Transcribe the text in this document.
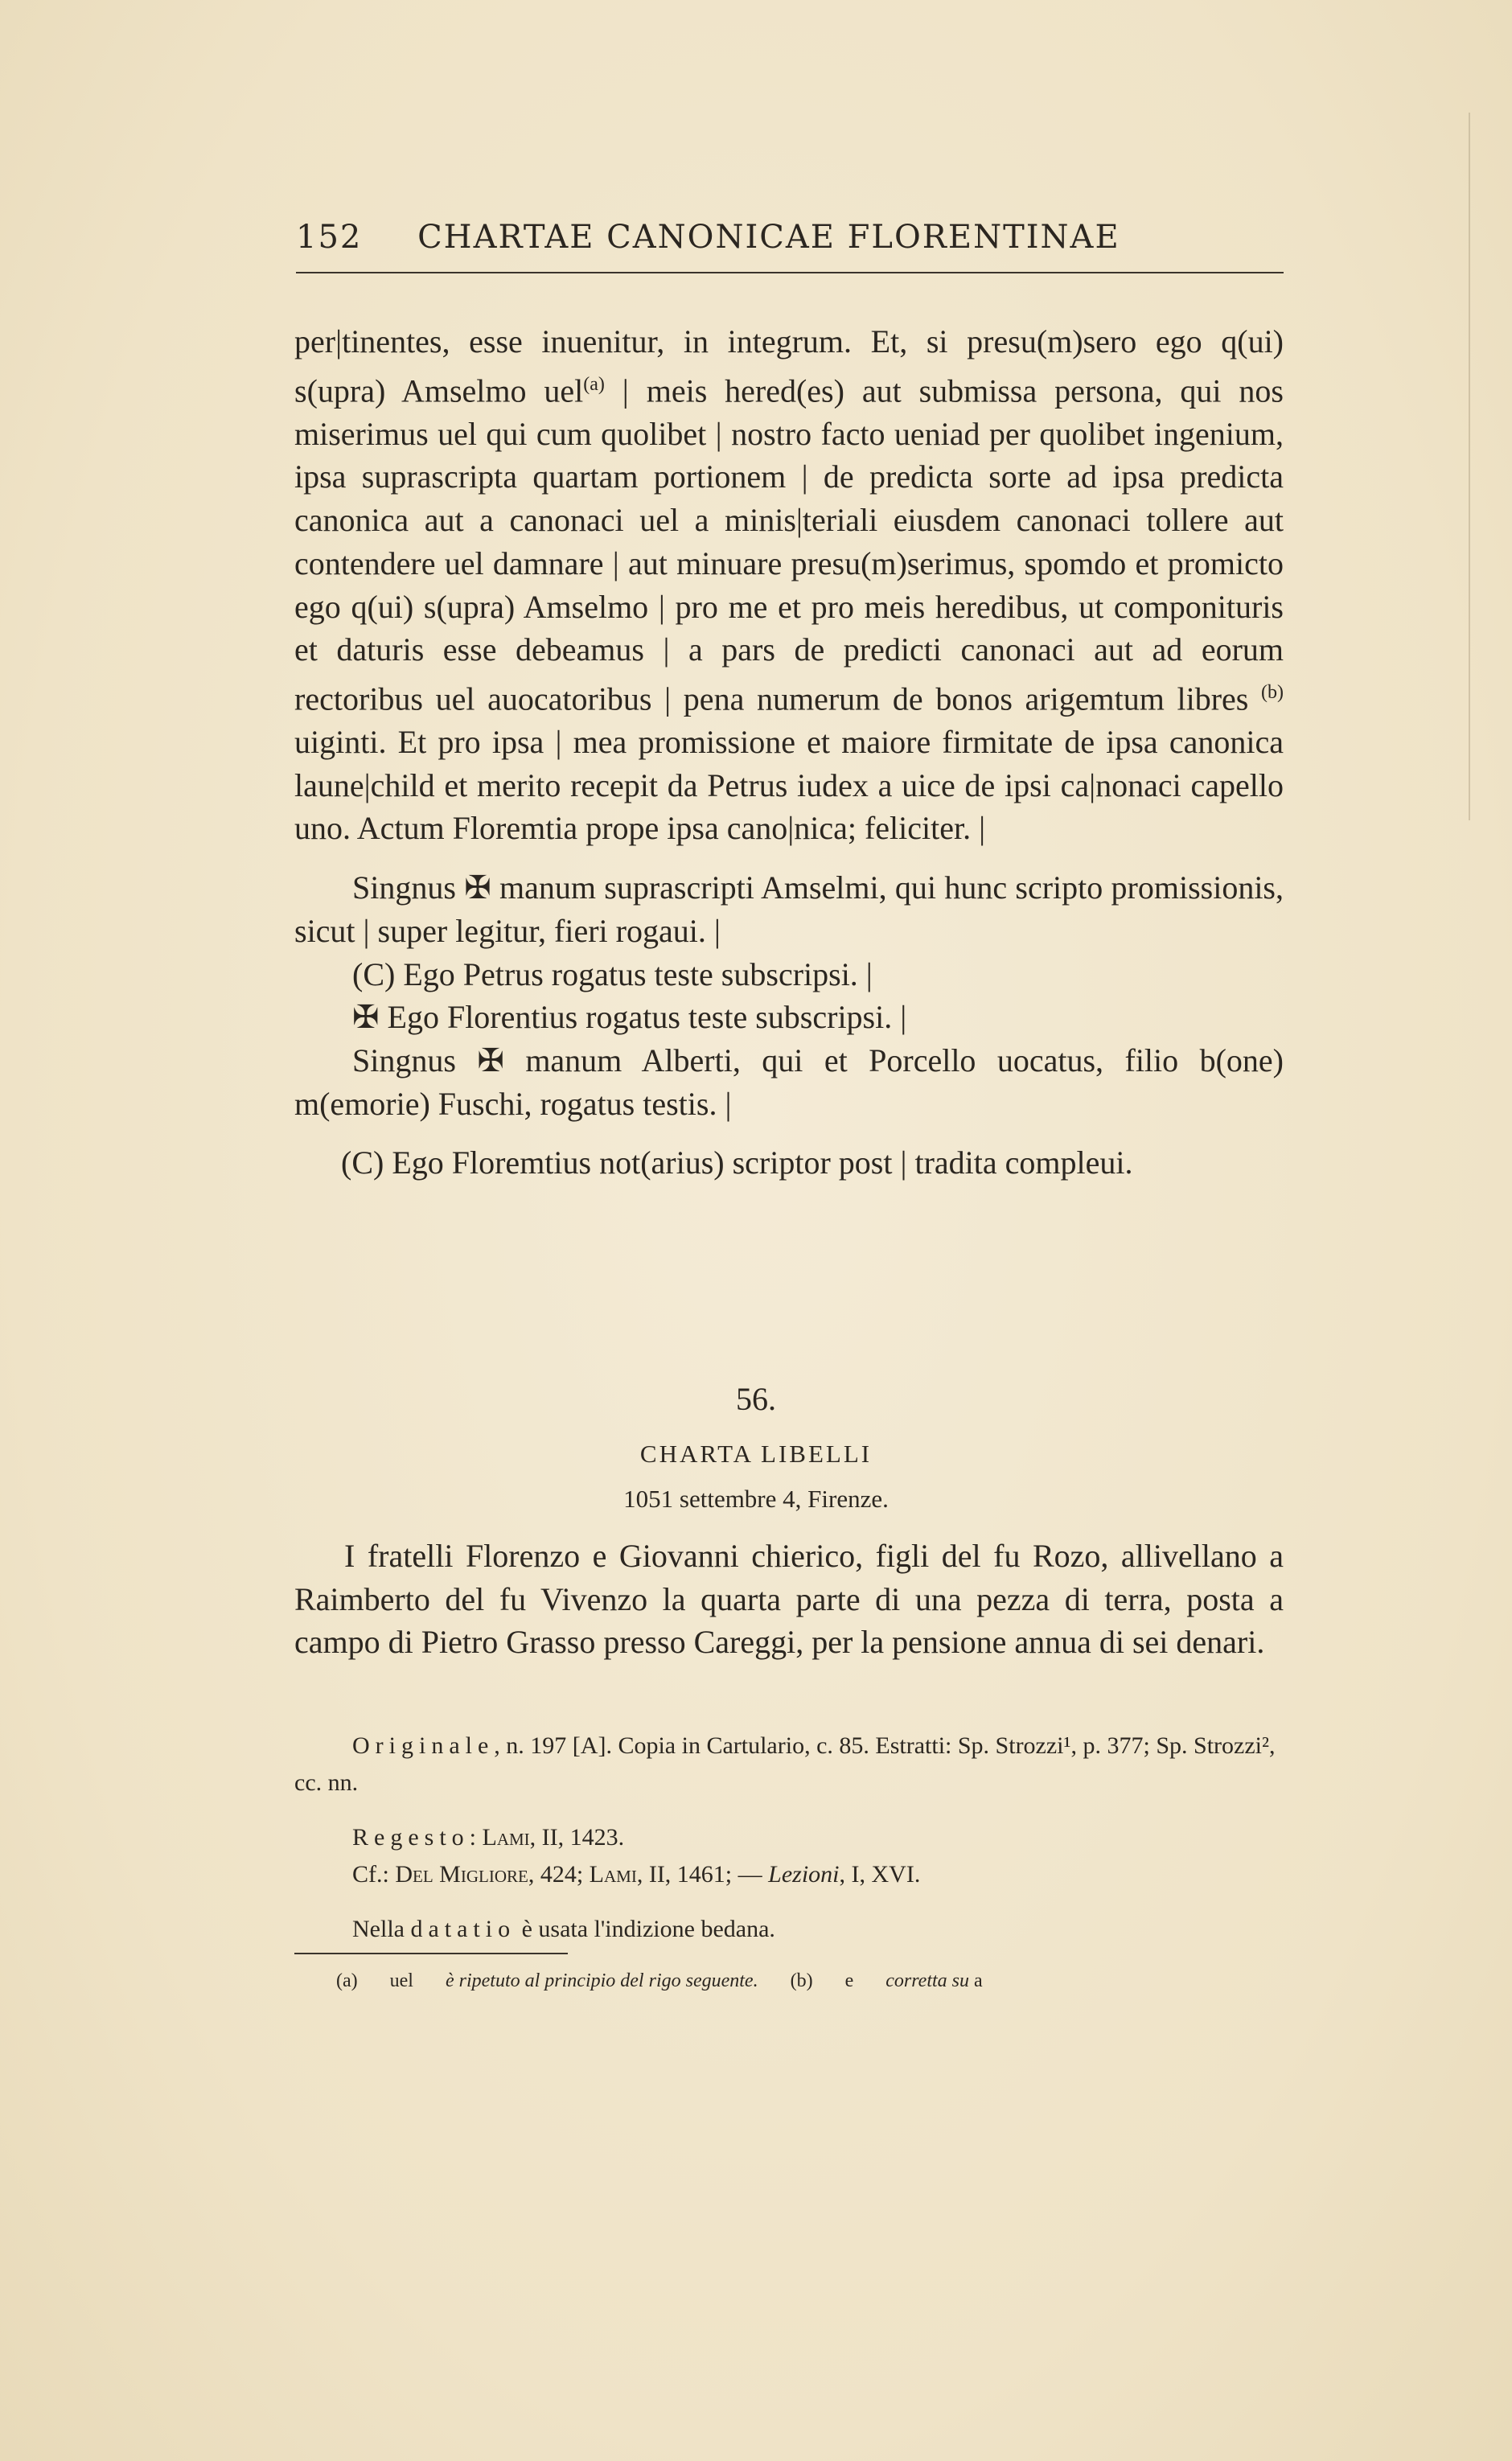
152 CHARTAE CANONICAE FLORENTINAE

per|tinentes, esse inuenitur, in integrum. Et, si presu(m)sero ego q(ui) s(upra) Amselmo uel$^{(a)}$ | meis hered(es) aut submissa persona, qui nos miserimus uel qui cum quolibet | nostro facto ueniad per quolibet ingenium, ipsa suprascripta quartam portionem | de predicta sorte ad ipsa predicta canonica aut a canonaci uel a minis|teriali eiusdem canonaci tollere aut contendere uel damnare | aut minuare presu(m)serimus, spomdo et promicto ego q(ui) s(upra) Amselmo | pro me et pro meis heredibus, ut componituris et daturis esse debeamus | a pars de predicti canonaci aut ad eorum rectoribus uel auocatoribus | pena numerum de bonos arigemtum libres $^{(b)}$ uiginti. Et pro ipsa | mea promissione et maiore firmitate de ipsa canonica laune|child et merito recepit da Petrus iudex a uice de ipsi ca|nonaci capello uno. Actum Floremtia prope ipsa cano|nica; feliciter. |

Singnus ✠ manum suprascripti Amselmi, qui hunc scripto promissionis, sicut | super legitur, fieri rogaui. |

(C) Ego Petrus rogatus teste subscripsi. |

✠ Ego Florentius rogatus teste subscripsi. |

Singnus ✠ manum Alberti, qui et Porcello uocatus, filio b(one) m(emorie) Fuschi, rogatus testis. |

(C) Ego Floremtius not(arius) scriptor post | tradita compleui.

56.
CHARTA LIBELLI
1051 settembre 4, Firenze.

I fratelli Florenzo e Giovanni chierico, figli del fu Rozo, allivellano a Raimberto del fu Vivenzo la quarta parte di una pezza di terra, posta a campo di Pietro Grasso presso Careggi, per la pensione annua di sei denari.

Originale, n. 197 [A]. Copia in Cartulario, c. 85. Estratti: Sp. Strozzi¹, p. 377; Sp. Strozzi², cc. nn.

Regesto: Lami, II, 1423.

Cf.: Del Migliore, 424; Lami, II, 1461; — Lezioni, I, XVI.

Nella datatio è usata l'indizione bedana.

(a) uel è ripetuto al principio del rigo seguente. (b) e corretta su a
